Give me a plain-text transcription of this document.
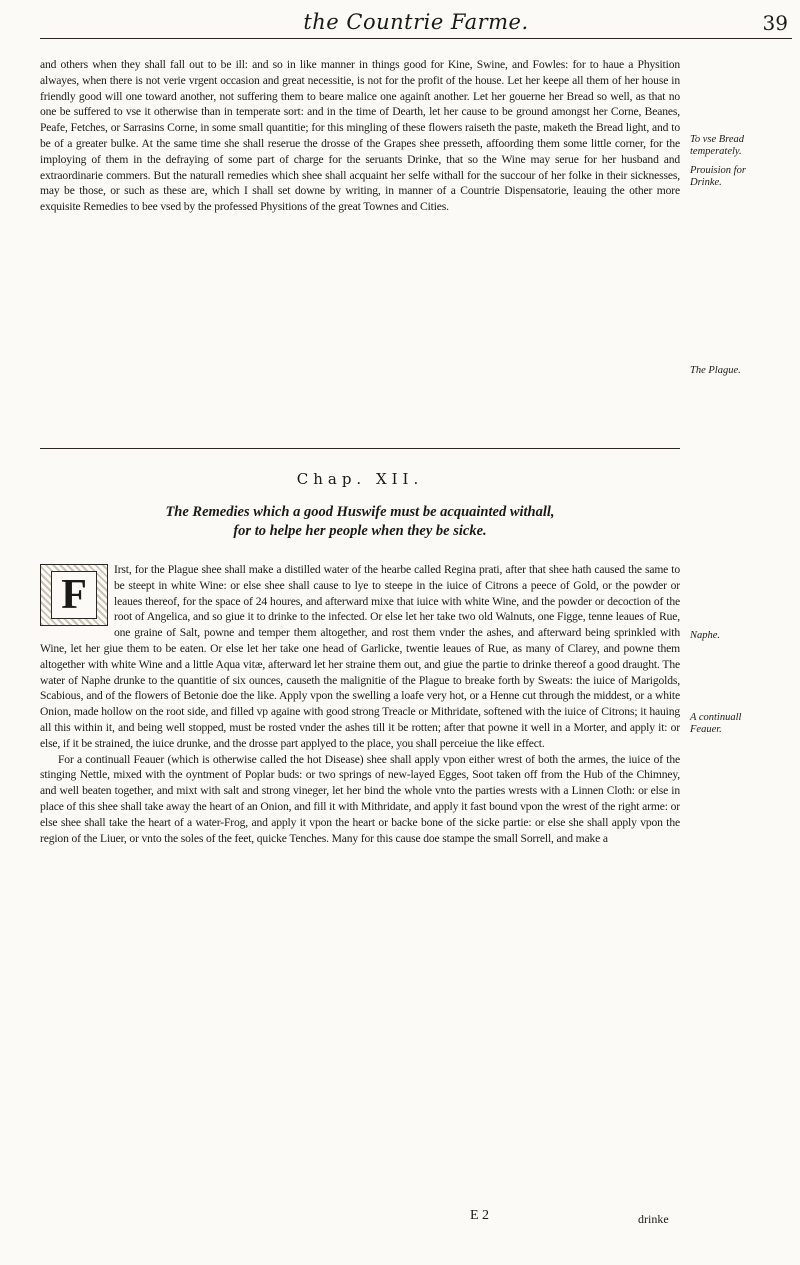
the Countrie Farme.	39

and others when they shall fall out to be ill: and so in like manner in things good for Kine, Swine, and Fowles: for to haue a Physition alwayes, when there is not verie vrgent occasion and great necessitie, is not for the profit of the house. Let her keepe all them of her house in friendly good will one toward another, not suffering them to beare malice one againſt another. Let her gouerne her Bread so well, as that no one be suffered to vse it otherwise than in temperate sort: and in the time of Dearth, let her cause to be ground amongst her Corne, Beanes, Peafe, Fetches, or Sarrasins Corne, in some small quantitie; for this mingling of these flowers raiseth the paste, maketh the Bread light, and to be of a greater bulke. At the same time she shall reserue the drosse of the Grapes shee presseth, affoording them some little corner, for the imploying of them in the defraying of some part of charge for the seruants Drinke, that so the Wine may serue for her husband and extraordinarie commers. But the naturall remedies which shee shall acquaint her selfe withall for the succour of her folke in their sicknesses, may be those, or such as these are, which I shall set downe by writing, in manner of a Countrie Dispensatorie, leauing the other more exquisite Remedies to bee vsed by the professed Physitions of the great Townes and Cities.

To vse Bread temperately.
Prouision for Drinke.
Chap. XII.
The Remedies which a good Huswife must be acquainted withall,
for to helpe her people when they be sicke.
F

Irst, for the Plague shee shall make a distilled water of the hearbe called Regina prati, after that shee hath caused the same to be steept in white Wine: or else shee shall cause to lye to steepe in the iuice of Citrons a peece of Gold, or the powder or leaues thereof, for the space of 24 houres, and afterward mixe that iuice with white Wine, and the powder or decoction of the root of Angelica, and so giue it to drinke to the infected. Or else let her take two old Walnuts, one Figge, tenne leaues of Rue, one graine of Salt, powne and temper them altogether, and rost them vnder the ashes, and afterward being sprinkled with Wine, let her giue them to be eaten. Or else let her take one head of Garlicke, twentie leaues of Rue, as many of Clarey, and powne them altogether with white Wine and a little Aqua vitæ, afterward let her straine them out, and giue the partie to drinke thereof a good draught. The water of Naphe drunke to the quantitie of six ounces, causeth the malignitie of the Plague to breake forth by Sweats: the iuice of Marigolds, Scabious, and of the flowers of Betonie doe the like. Apply vpon the swelling a loafe very hot, or a Henne cut through the middest, or a white Onion, made hollow on the root side, and filled vp againe with good strong Treacle or Mithridate, softened with the iuice of Citrons; it hauing all this within it, and being well stopped, must be rosted vnder the ashes till it be rotten; after that powne it well in a Morter, and apply it: or else, if it be strained, the iuice drunke, and the drosse part applyed to the place, you shall perceiue the like effect.

For a continuall Feauer (which is otherwise called the hot Disease) shee shall apply vpon either wrest of both the armes, the iuice of the stinging Nettle, mixed with the oyntment of Poplar buds: or two springs of new-layed Egges, Soot taken off from the Hub of the Chimney, and well beaten together, and mixt with salt and strong vineger, let her bind the whole vnto the parties wrests with a Linnen Cloth: or else in place of this shee shall take away the heart of an Onion, and fill it with Mithridate, and apply it fast bound vpon the wrest of the right arme: or else shee shall take the heart of a water-Frog, and apply it vpon the heart or backe bone of the sicke partie: or else she shall apply vpon the region of the Liuer, or vnto the soles of the feet, quicke Tenches. Many for this cause doe stampe the small Sorrell, and make a

The Plague.
Naphe.
A continuall Feauer.
E 2	drinke
